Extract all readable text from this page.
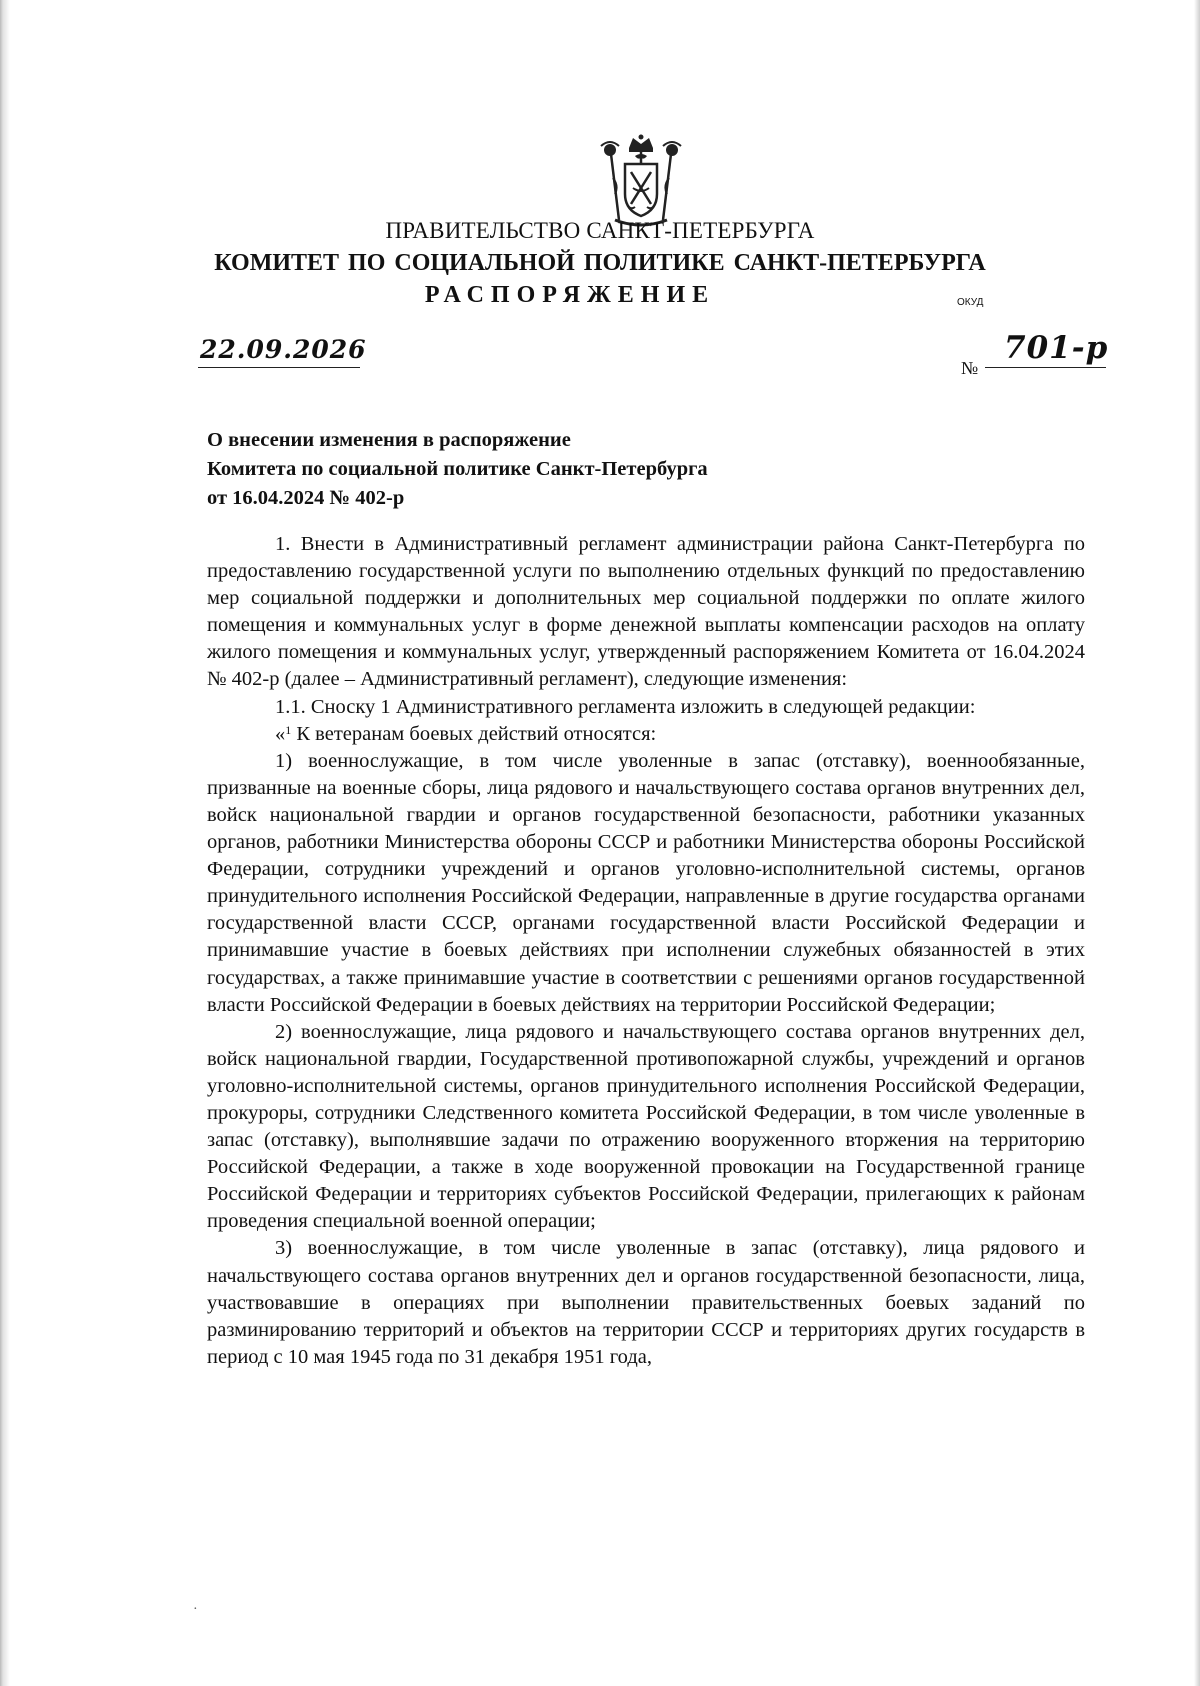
ПРАВИТЕЛЬСТВО САНКТ-ПЕТЕРБУРГА
КОМИТЕТ ПО СОЦИАЛЬНОЙ ПОЛИТИКЕ САНКТ-ПЕТЕРБУРГА
РАСПОРЯЖЕНИЕ	ОКУД
22.09.2026
№
701-р
О внесении изменения в распоряжение
Комитета по социальной политике Санкт-Петербурга
от 16.04.2024 № 402-р

1. Внести в Административный регламент администрации района Санкт-Петербурга по предоставлению государственной услуги по выполнению отдельных функций по предоставлению мер социальной поддержки и дополнительных мер социальной поддержки по оплате жилого помещения и коммунальных услуг в форме денежной выплаты компенсации расходов на оплату жилого помещения и коммунальных услуг, утвержденный распоряжением Комитета от 16.04.2024 № 402-р (далее – Административный регламент), следующие изменения:

1.1. Сноску 1 Административного регламента изложить в следующей редакции:

«$^1$ К ветеранам боевых действий относятся:

1) военнослужащие, в том числе уволенные в запас (отставку), военнообязанные, призванные на военные сборы, лица рядового и начальствующего состава органов внутренних дел, войск национальной гвардии и органов государственной безопасности, работники указанных органов, работники Министерства обороны СССР и работники Министерства обороны Российской Федерации, сотрудники учреждений и органов уголовно-исполнительной системы, органов принудительного исполнения Российской Федерации, направленные в другие государства органами государственной власти СССР, органами государственной власти Российской Федерации и принимавшие участие в боевых действиях при исполнении служебных обязанностей в этих государствах, а также принимавшие участие в соответствии с решениями органов государственной власти Российской Федерации в боевых действиях на территории Российской Федерации;

2) военнослужащие, лица рядового и начальствующего состава органов внутренних дел, войск национальной гвардии, Государственной противопожарной службы, учреждений и органов уголовно-исполнительной системы, органов принудительного исполнения Российской Федерации, прокуроры, сотрудники Следственного комитета Российской Федерации, в том числе уволенные в запас (отставку), выполнявшие задачи по отражению вооруженного вторжения на территорию Российской Федерации, а также в ходе вооруженной провокации на Государственной границе Российской Федерации и территориях субъектов Российской Федерации, прилегающих к районам проведения специальной военной операции;

3) военнослужащие, в том числе уволенные в запас (отставку), лица рядового и начальствующего состава органов внутренних дел и органов государственной безопасности, лица, участвовавшие в операциях при выполнении правительственных боевых заданий по разминированию территорий и объектов на территории СССР и территориях других государств в период с 10 мая 1945 года по 31 декабря 1951 года,

·
